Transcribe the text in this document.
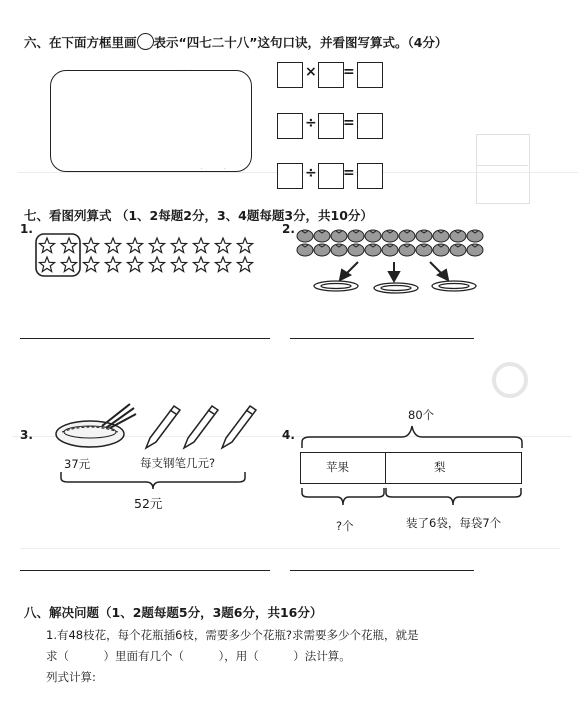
·· ·　　　　 ·
·　　·
六、在下面方框里画 表示“四七二十八”这句口诀，并看图写算式。（4分）
× =
÷ =
÷ =
七、看图列算式 （1、2每题2分，3、4题每题3分，共10分）
1.	2.
3.
37元	每支钢笔几元?
52元
4.
80个
苹果	梨
?个	装了6袋，每袋7个
八、解决问题（1、2题每题5分，3题6分，共16分）
1.有48枝花，每个花瓶插6枝，需要多少个花瓶?求需要多少个花瓶，就是
求（　　　）里面有几个（　　　），用（　　　）法计算。
列式计算:
